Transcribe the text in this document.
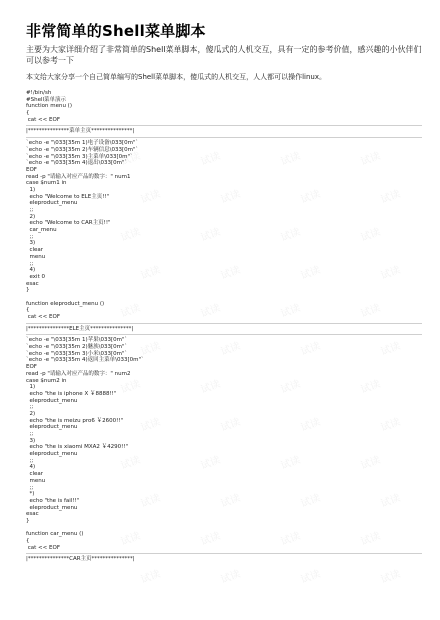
非常简单的Shell菜单脚本

主要为大家详细介绍了非常简单的Shell菜单脚本，傻瓜式的人机交互，具有一定的参考价值，感兴趣的小伙伴们可以参考一下

本文给大家分享一个自己简单编写的Shell菜单脚本，傻瓜式的人机交互，人人都可以操作linux。

#!/bin/sh
#Shell菜单演示
function menu ()
{
cat << EOF
|***************菜单主页***************|
`echo -e "\033[35m 1)电子设备\033[0m"`
`echo -e "\033[35m 2)车辆信息\033[0m"`
`echo -e "\033[35m 3)主菜单\033[0m"`
`echo -e "\033[35m 4)退出\033[0m"`
EOF
read -p "请输入对应产品的数字：" num1
case $num1 in
1)
echo "Welcome to ELE主页!!"
eleproduct_menu
;;
2)
echo "Welcome to CAR主页!!"
car_menu
;;
3)
clear
menu
;;
4)
exit 0
esac
}
function eleproduct_menu ()
{
cat << EOF
|***************ELE主页***************|
`echo -e "\033[35m 1)苹果\033[0m"`
`echo -e "\033[35m 2)魅族\033[0m"`
`echo -e "\033[35m 3)小米\033[0m"`
`echo -e "\033[35m 4)返回主菜单\033[0m"`
EOF
read -p "请输入对应产品的数字：" num2
case $num2 in
1)
echo "the is iphone X ￥8888!!"
eleproduct_menu
;;
2)
echo "the is meizu pro6 ￥2600!!"
eleproduct_menu
;;
3)
echo "the is xiaomi MXA2 ￥4290!!"
eleproduct_menu
;;
4)
clear
menu
;;
*)
echo "the is fail!!"
eleproduct_menu
esac
}
function car_menu ()
{
cat << EOF
|***************CAR主页***************|
试读	试读	试读	试读
试读	试读	试读	试读
试读	试读	试读	试读
试读	试读	试读	试读
试读	试读	试读	试读
试读	试读	试读	试读
试读	试读	试读	试读
试读	试读	试读	试读
试读	试读	试读	试读
试读	试读	试读	试读
试读	试读	试读	试读
试读	试读	试读	试读
